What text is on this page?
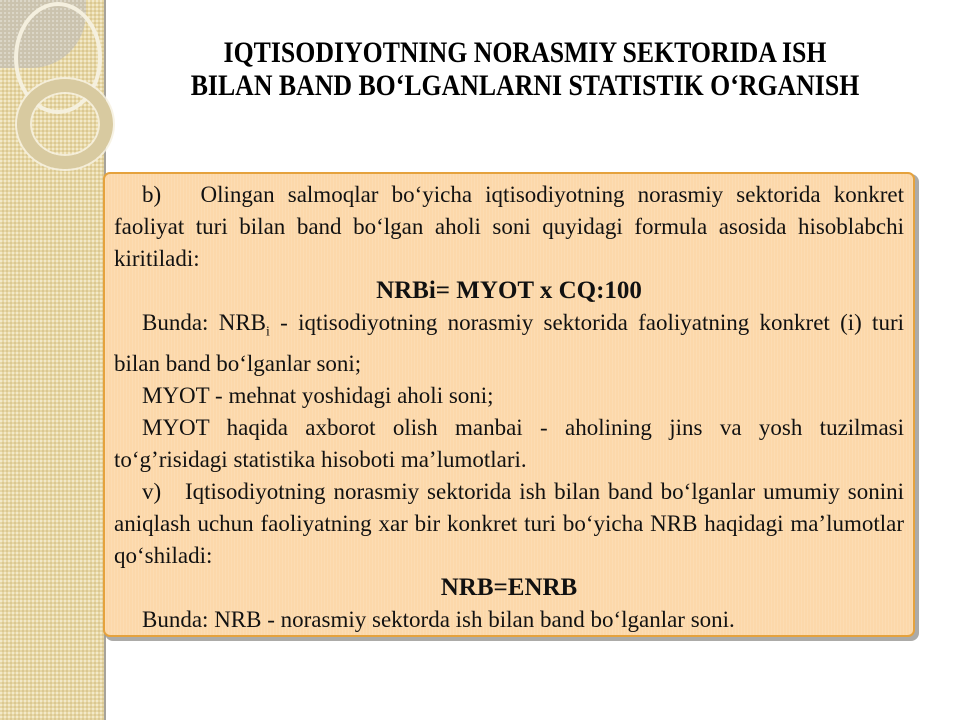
IQTISODIYOTNING NORASMIY SEKTORIDA ISH
BILAN BAND BO‘LGANLARNI STATISTIK O‘RGANISH

b)   Olingan salmoqlar bo‘yicha iqtisodiyotning norasmiy sektorida konkret faoliyat turi bilan band bo‘lgan aholi soni quyidagi formula asosida hisoblabchi kiritiladi:

NRBi= MYOT x CQ:100

Bunda: $NRB_i$ - iqtisodiyotning norasmiy sektorida faoliyatning konkret (i) turi bilan band bo‘lganlar soni;

MYOT - mehnat yoshidagi aholi soni;

MYOT haqida axborot olish manbai - aholining jins va yosh tuzilmasi to‘g’risidagi statistika hisoboti ma’lumotlari.

v)   Iqtisodiyotning norasmiy sektorida ish bilan band bo‘lganlar umumiy sonini aniqlash uchun faoliyatning xar bir konkret turi bo‘yicha NRB haqidagi ma’lumotlar qo‘shiladi:

NRB=ENRB

Bunda: NRB - norasmiy sektorda ish bilan band bo‘lganlar soni.
